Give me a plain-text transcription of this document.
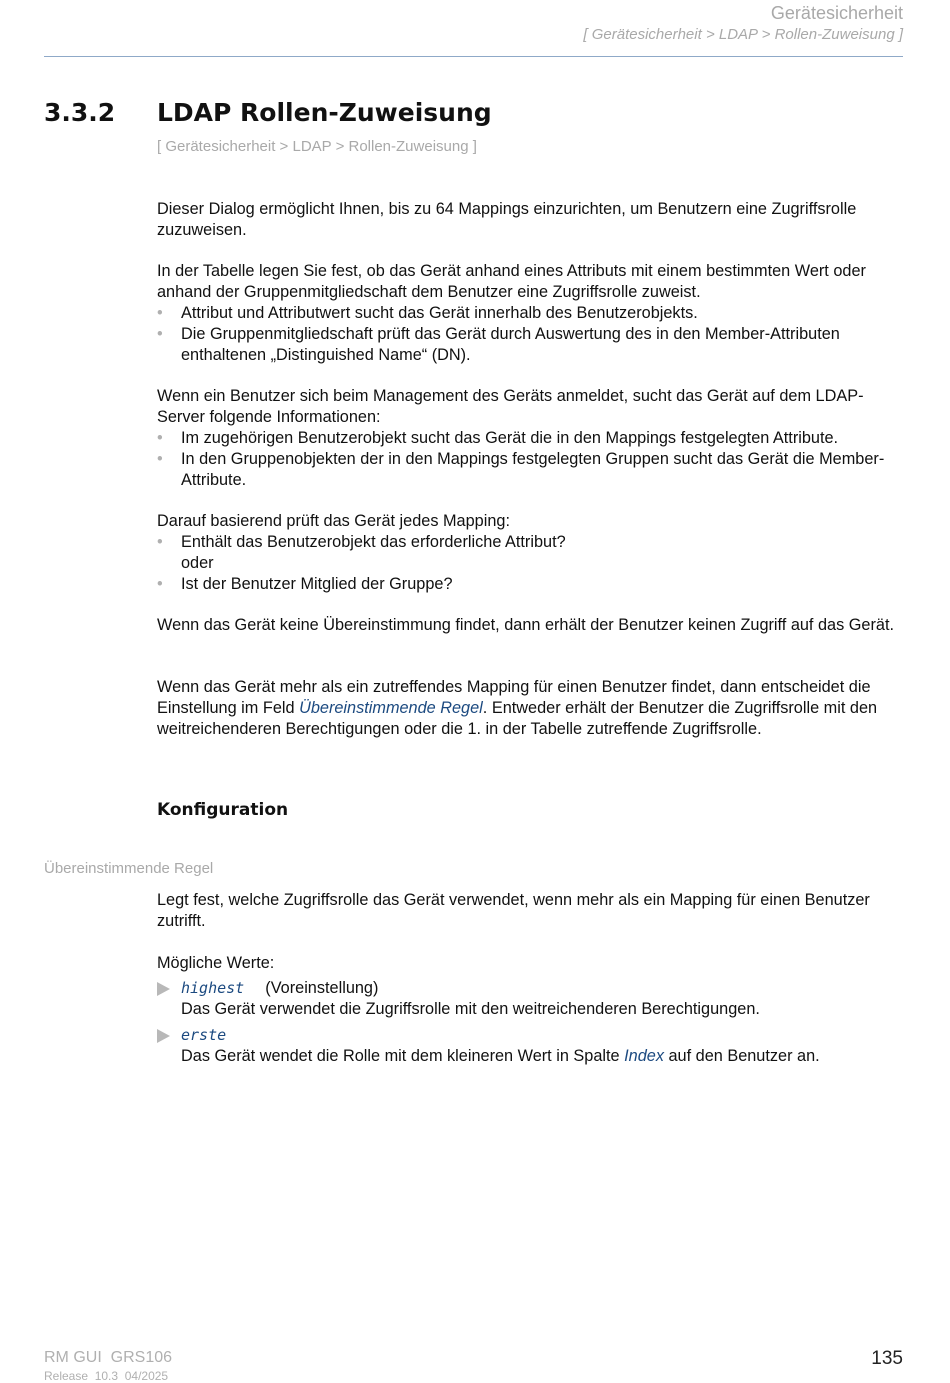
Gerätesicherheit
[ Gerätesicherheit > LDAP > Rollen-Zuweisung ]
3.3.2 LDAP Rollen-Zuweisung
[ Gerätesicherheit > LDAP > Rollen-Zuweisung ]

Dieser Dialog ermöglicht Ihnen, bis zu 64 Mappings einzurichten, um Benutzern eine Zugriffsrolle zuzuweisen.

In der Tabelle legen Sie fest, ob das Gerät anhand eines Attributs mit einem bestimmten Wert oder anhand der Gruppenmitgliedschaft dem Benutzer eine Zugriffsrolle zuweist.

• Attribut und Attributwert sucht das Gerät innerhalb des Benutzerobjekts.
• Die Gruppenmitgliedschaft prüft das Gerät durch Auswertung des in den Member-Attributen enthaltenen „Distinguished Name“ (DN).

Wenn ein Benutzer sich beim Management des Geräts anmeldet, sucht das Gerät auf dem LDAP-Server folgende Informationen:

• Im zugehörigen Benutzerobjekt sucht das Gerät die in den Mappings festgelegten Attribute.
• In den Gruppenobjekten der in den Mappings festgelegten Gruppen sucht das Gerät die Member-Attribute.

Darauf basierend prüft das Gerät jedes Mapping:

• Enthält das Benutzerobjekt das erforderliche Attribut?
oder
• Ist der Benutzer Mitglied der Gruppe?

Wenn das Gerät keine Übereinstimmung findet, dann erhält der Benutzer keinen Zugriff auf das Gerät.

Wenn das Gerät mehr als ein zutreffendes Mapping für einen Benutzer findet, dann entscheidet die Einstellung im Feld Übereinstimmende Regel. Entweder erhält der Benutzer die Zugriffsrolle mit den weitreichenderen Berechtigungen oder die 1. in der Tabelle zutreffende Zugriffsrolle.

Konfiguration
Übereinstimmende Regel

Legt fest, welche Zugriffsrolle das Gerät verwendet, wenn mehr als ein Mapping für einen Benutzer zutrifft.

Mögliche Werte:

highest (Voreinstellung)
Das Gerät verwendet die Zugriffsrolle mit den weitreichenderen Berechtigungen.
erste
Das Gerät wendet die Rolle mit dem kleineren Wert in Spalte Index auf den Benutzer an.
RM GUI  GRS106
Release  10.3  04/2025
135
